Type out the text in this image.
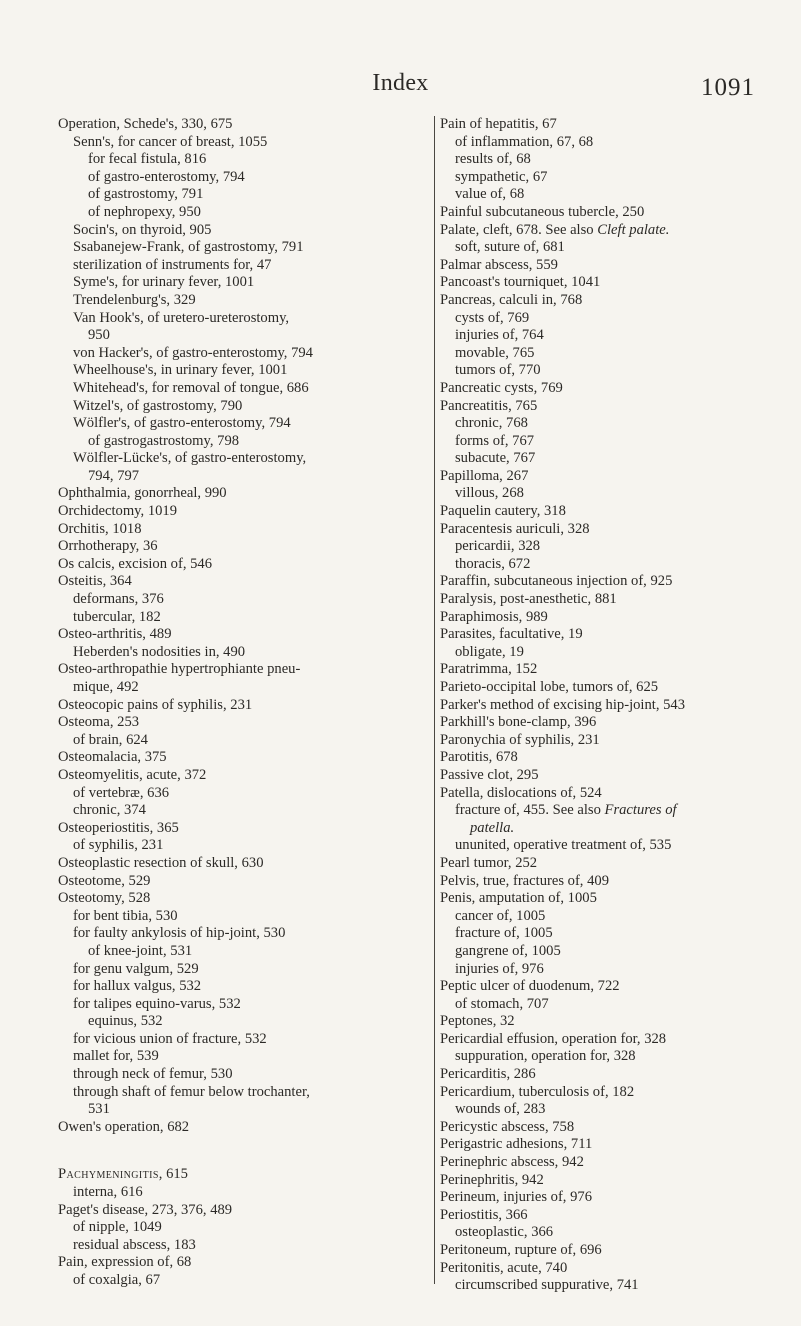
Index	1091
Operation, Schede's, 330, 675
Senn's, for cancer of breast, 1055
for fecal fistula, 816
of gastro-enterostomy, 794
of gastrostomy, 791
of nephropexy, 950
Socin's, on thyroid, 905
Ssabanejew-Frank, of gastrostomy, 791
sterilization of instruments for, 47
Syme's, for urinary fever, 1001
Trendelenburg's, 329
Van Hook's, of uretero-ureterostomy,
950
von Hacker's, of gastro-enterostomy, 794
Wheelhouse's, in urinary fever, 1001
Whitehead's, for removal of tongue, 686
Witzel's, of gastrostomy, 790
Wölfler's, of gastro-enterostomy, 794
of gastrogastrostomy, 798
Wölfler-Lücke's, of gastro-enterostomy,
794, 797
Ophthalmia, gonorrheal, 990
Orchidectomy, 1019
Orchitis, 1018
Orrhotherapy, 36
Os calcis, excision of, 546
Osteitis, 364
deformans, 376
tubercular, 182
Osteo-arthritis, 489
Heberden's nodosities in, 490
Osteo-arthropathie hypertrophiante pneu-
mique, 492
Osteocopic pains of syphilis, 231
Osteoma, 253
of brain, 624
Osteomalacia, 375
Osteomyelitis, acute, 372
of vertebræ, 636
chronic, 374
Osteoperiostitis, 365
of syphilis, 231
Osteoplastic resection of skull, 630
Osteotome, 529
Osteotomy, 528
for bent tibia, 530
for faulty ankylosis of hip-joint, 530
of knee-joint, 531
for genu valgum, 529
for hallux valgus, 532
for talipes equino-varus, 532
equinus, 532
for vicious union of fracture, 532
mallet for, 539
through neck of femur, 530
through shaft of femur below trochanter,
531
Owen's operation, 682
Pachymeningitis, 615
interna, 616
Paget's disease, 273, 376, 489
of nipple, 1049
residual abscess, 183
Pain, expression of, 68
of coxalgia, 67
Pain of hepatitis, 67
of inflammation, 67, 68
results of, 68
sympathetic, 67
value of, 68
Painful subcutaneous tubercle, 250
Palate, cleft, 678. See also Cleft palate.
soft, suture of, 681
Palmar abscess, 559
Pancoast's tourniquet, 1041
Pancreas, calculi in, 768
cysts of, 769
injuries of, 764
movable, 765
tumors of, 770
Pancreatic cysts, 769
Pancreatitis, 765
chronic, 768
forms of, 767
subacute, 767
Papilloma, 267
villous, 268
Paquelin cautery, 318
Paracentesis auriculi, 328
pericardii, 328
thoracis, 672
Paraffin, subcutaneous injection of, 925
Paralysis, post-anesthetic, 881
Paraphimosis, 989
Parasites, facultative, 19
obligate, 19
Paratrimma, 152
Parieto-occipital lobe, tumors of, 625
Parker's method of excising hip-joint, 543
Parkhill's bone-clamp, 396
Paronychia of syphilis, 231
Parotitis, 678
Passive clot, 295
Patella, dislocations of, 524
fracture of, 455. See also Fractures of
patella.
ununited, operative treatment of, 535
Pearl tumor, 252
Pelvis, true, fractures of, 409
Penis, amputation of, 1005
cancer of, 1005
fracture of, 1005
gangrene of, 1005
injuries of, 976
Peptic ulcer of duodenum, 722
of stomach, 707
Peptones, 32
Pericardial effusion, operation for, 328
suppuration, operation for, 328
Pericarditis, 286
Pericardium, tuberculosis of, 182
wounds of, 283
Pericystic abscess, 758
Perigastric adhesions, 711
Perinephric abscess, 942
Perinephritis, 942
Perineum, injuries of, 976
Periostitis, 366
osteoplastic, 366
Peritoneum, rupture of, 696
Peritonitis, acute, 740
circumscribed suppurative, 741
